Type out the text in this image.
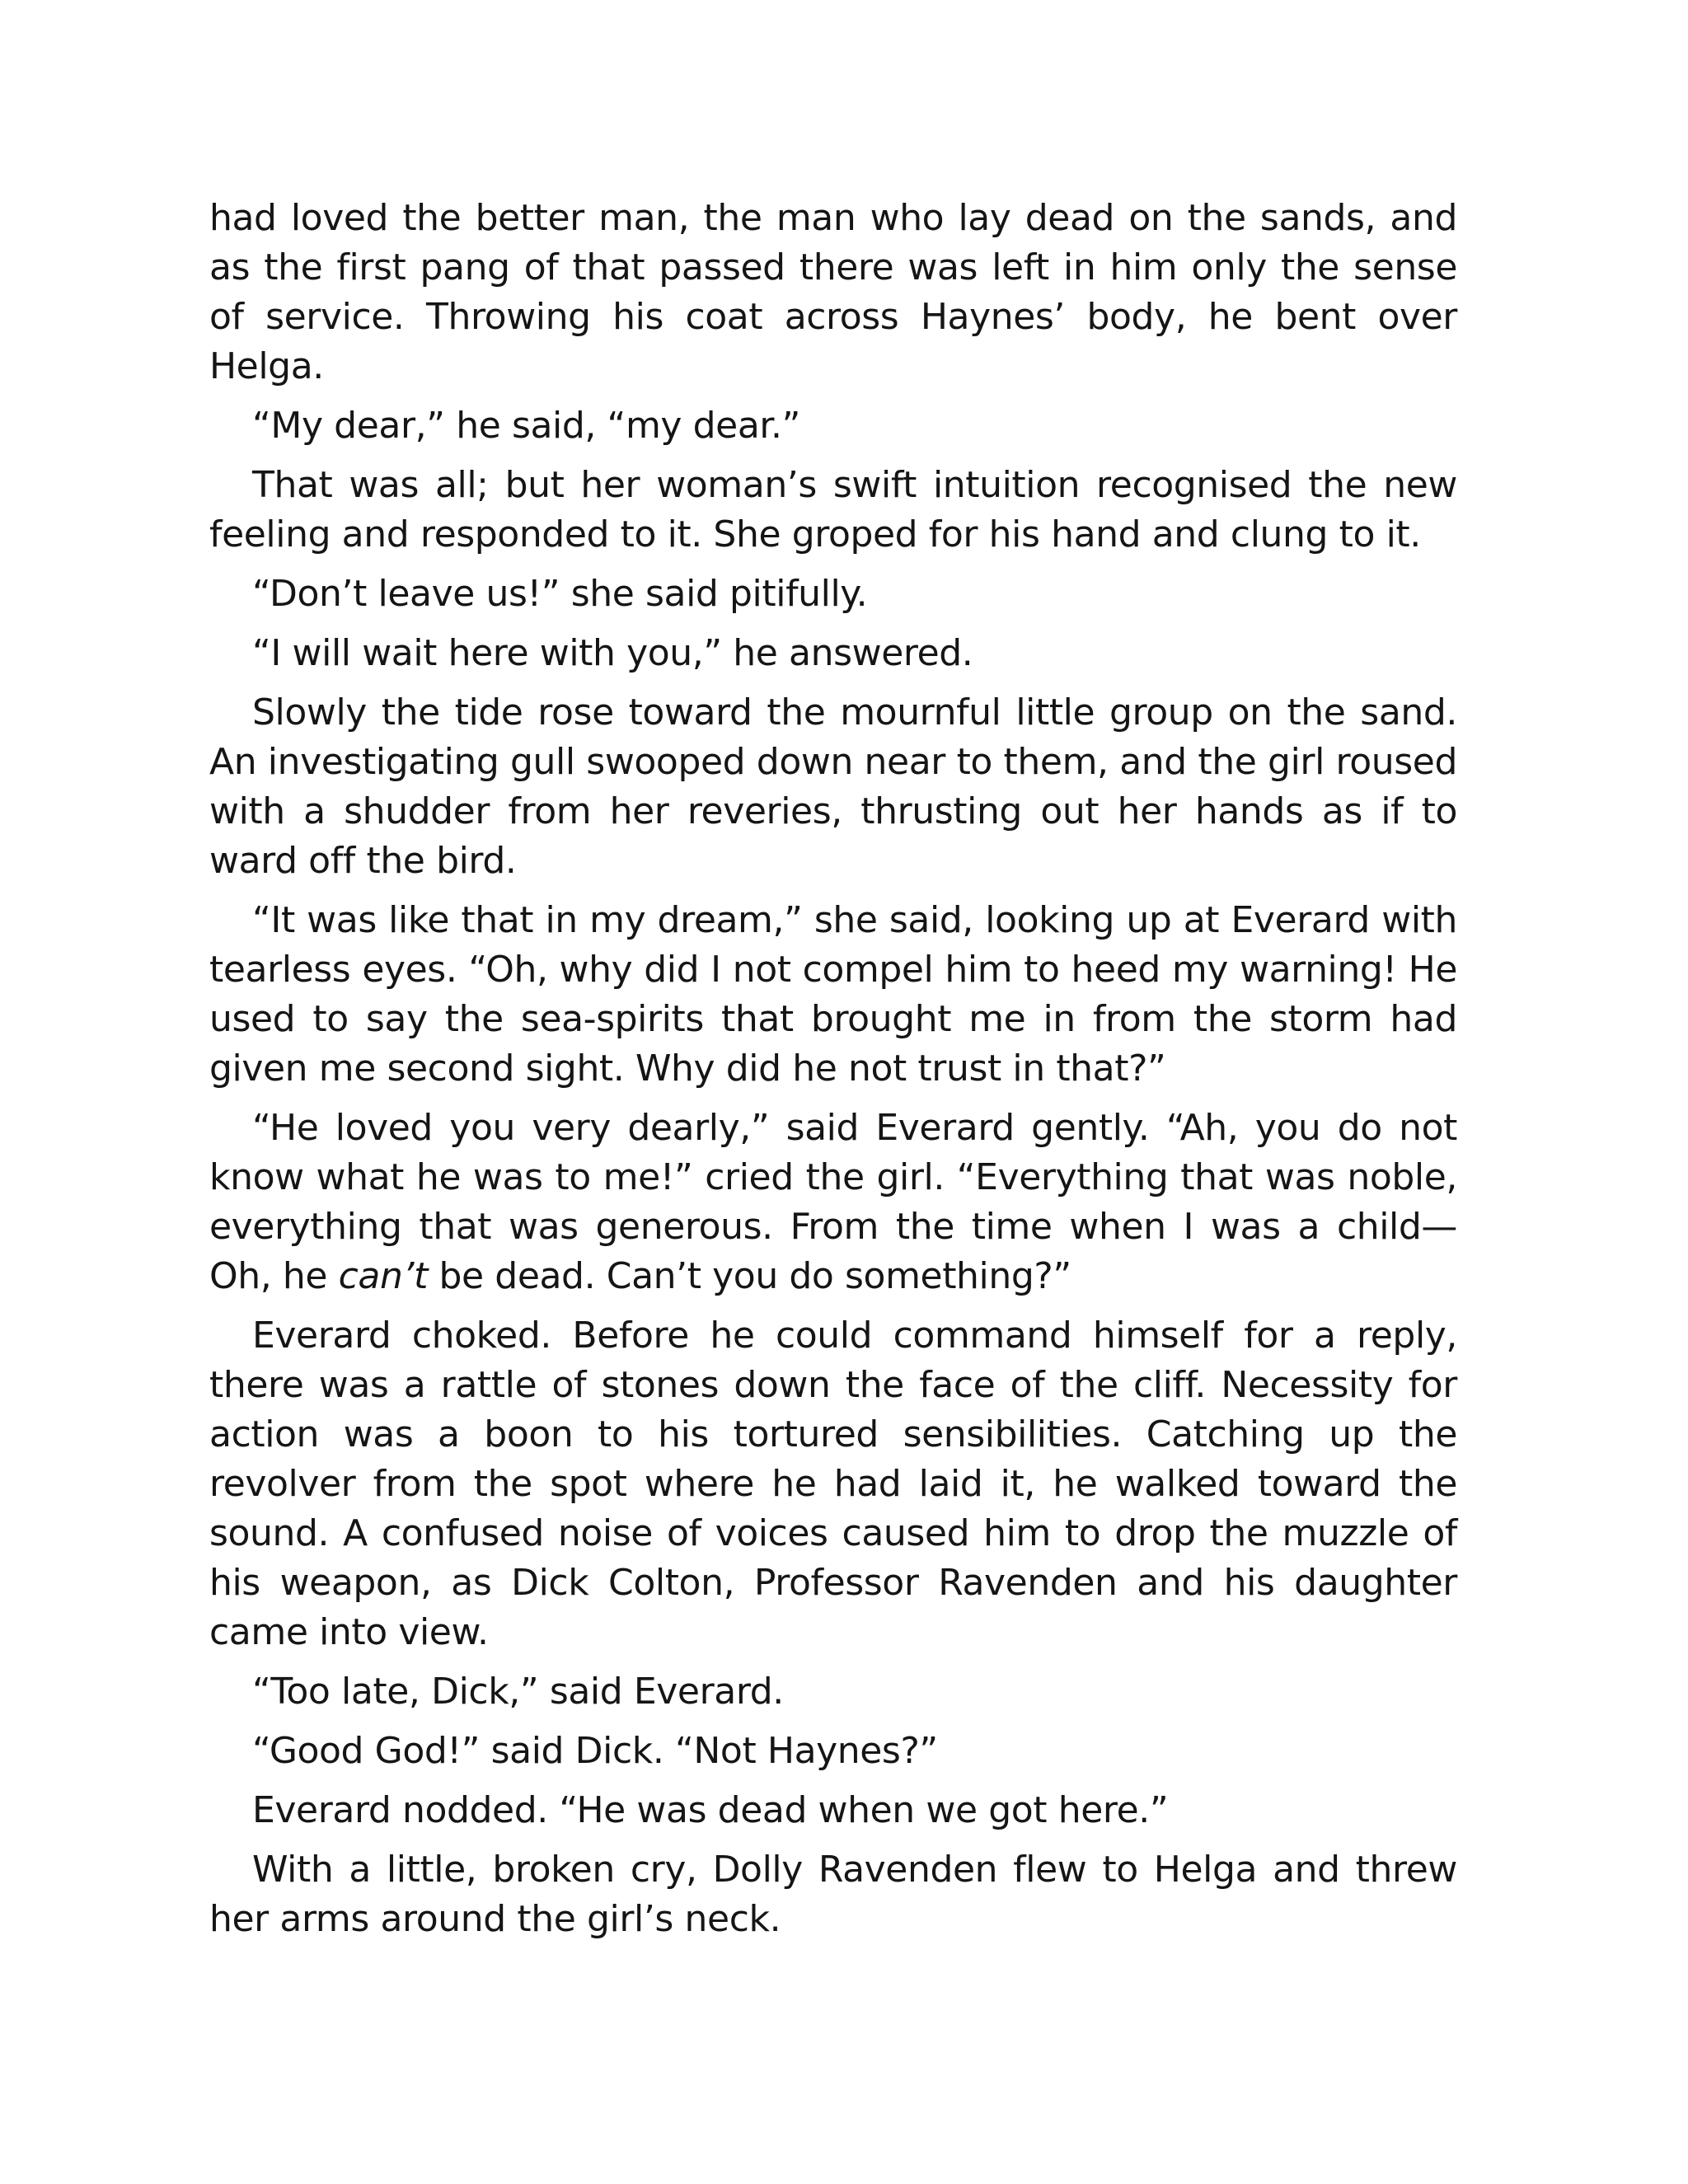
had loved the better man, the man who lay dead on the sands, and as the first pang of that passed there was left in him only the sense of service. Throwing his coat across Haynes’ body, he bent over Helga.

“My dear,” he said, “my dear.”

That was all; but her woman’s swift intuition recognised the new feeling and responded to it. She groped for his hand and clung to it.

“Don’t leave us!” she said pitifully.

“I will wait here with you,” he answered.

Slowly the tide rose toward the mournful little group on the sand. An investigating gull swooped down near to them, and the girl roused with a shudder from her reveries, thrusting out her hands as if to ward off the bird.

“It was like that in my dream,” she said, looking up at Everard with tearless eyes. “Oh, why did I not compel him to heed my warning! He used to say the sea-spirits that brought me in from the storm had given me second sight. Why did he not trust in that?”

“He loved you very dearly,” said Everard gently. “Ah, you do not know what he was to me!” cried the girl. “Everything that was noble, everything that was generous. From the time when I was a child— Oh, he can’t be dead. Can’t you do something?”

Everard choked. Before he could command himself for a reply, there was a rattle of stones down the face of the cliff. Necessity for action was a boon to his tortured sensibilities. Catching up the revolver from the spot where he had laid it, he walked toward the sound. A confused noise of voices caused him to drop the muzzle of his weapon, as Dick Colton, Professor Ravenden and his daughter came into view.

“Too late, Dick,” said Everard.

“Good God!” said Dick. “Not Haynes?”

Everard nodded. “He was dead when we got here.”

With a little, broken cry, Dolly Ravenden flew to Helga and threw her arms around the girl’s neck.
